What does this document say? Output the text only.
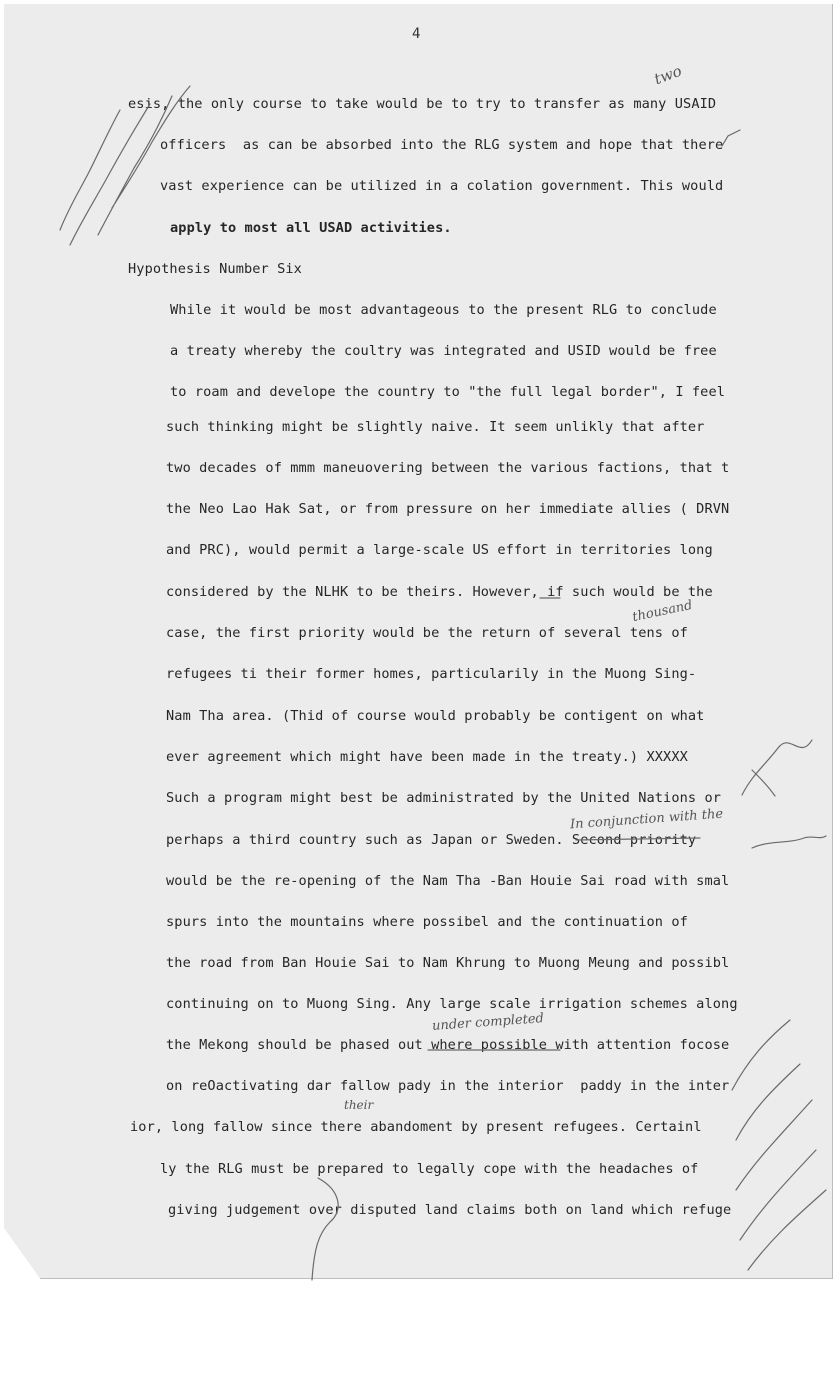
4
esis, the only course to take would be to try to transfer as many USAID
officers  as can be absorbed into the RLG system and hope that there
vast experience can be utilized in a colation government. This would
apply to most all USAD activities.
Hypothesis Number Six
While it would be most advantageous to the present RLG to conclude
a treaty whereby the coultry was integrated and USID would be free
to roam and develope the country to "the full legal border", I feel
such thinking might be slightly naive. It seem unlikly that after
two decades of mmm maneuovering between the various factions, that t
the Neo Lao Hak Sat, or from pressure on her immediate allies ( DRVN
and PRC), would permit a large-scale US effort in territories long
considered by the NLHK to be theirs. However, if such would be the
case, the first priority would be the return of several tens of
refugees ti their former homes, particularily in the Muong Sing-
Nam Tha area. (Thid of course would probably be contigent on what
ever agreement which might have been made in the treaty.) XXXXX
Such a program might best be administrated by the United Nations or
perhaps a third country such as Japan or Sweden. Second priority
would be the re-opening of the Nam Tha -Ban Houie Sai road with smal
spurs into the mountains where possibel and the continuation of
the road from Ban Houie Sai to Nam Khrung to Muong Meung and possibl
continuing on to Muong Sing. Any large scale irrigation schemes along
the Mekong should be phased out where possible with attention focose
on reOactivating dar fallow pady in the interior  paddy in the inter
ior, long fallow since there abandoment by present refugees. Certainl
ly the RLG must be prepared to legally cope with the headaches of
giving judgement over disputed land claims both on land which refuge
two
thousand
In conjunction with the
under completed
their
